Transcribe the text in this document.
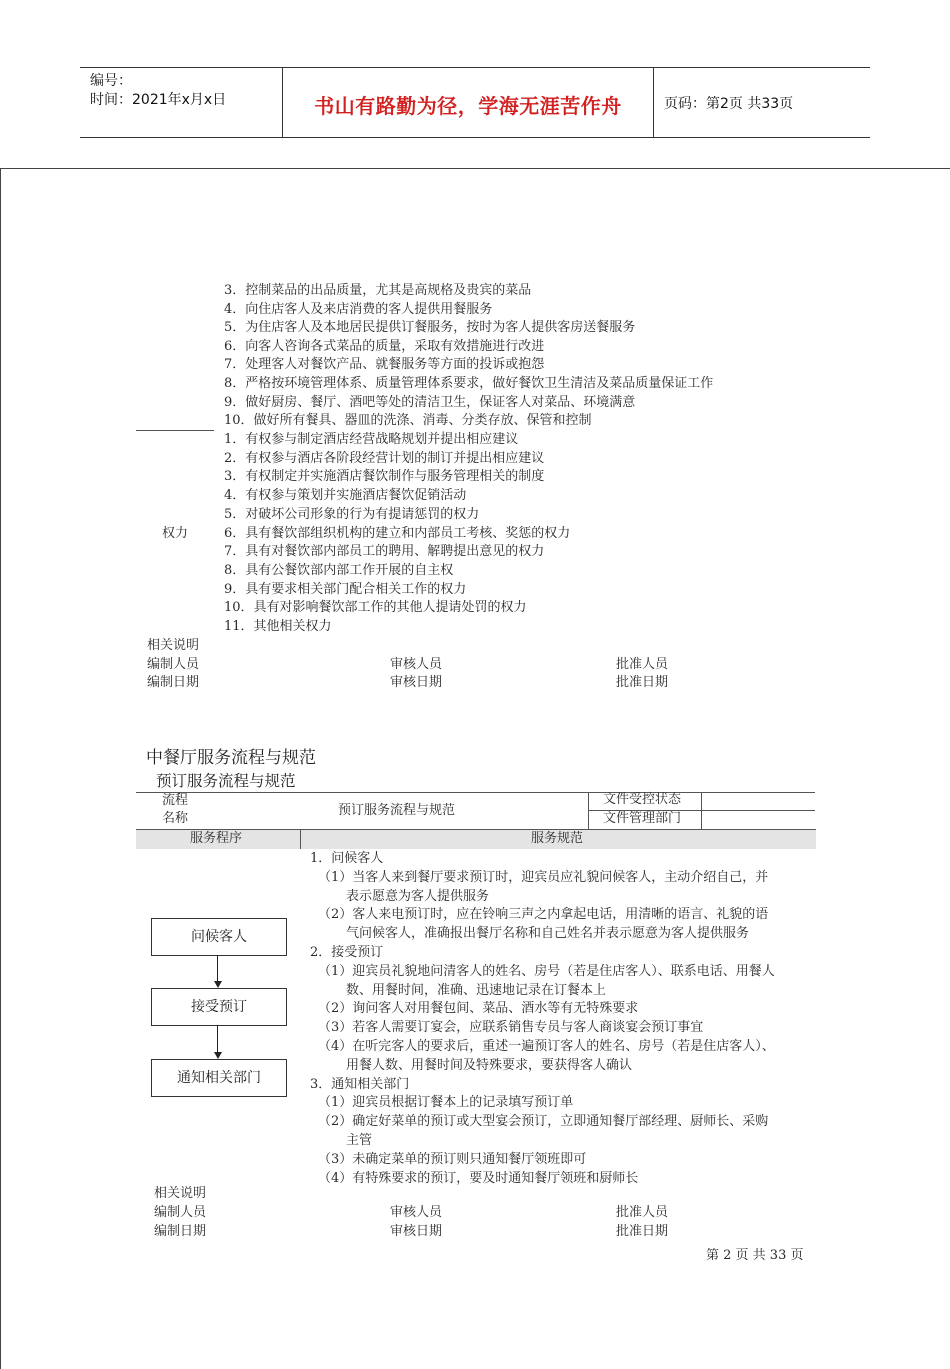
编号：
时间：2021年x月x日	书山有路勤为径，学海无涯苦作舟	页码：第2页 共33页
3．控制菜品的出品质量，尤其是高规格及贵宾的菜品
4．向住店客人及来店消费的客人提供用餐服务
5．为住店客人及本地居民提供订餐服务，按时为客人提供客房送餐服务
6．向客人咨询各式菜品的质量，采取有效措施进行改进
7．处理客人对餐饮产品、就餐服务等方面的投诉或抱怨
8．严格按环境管理体系、质量管理体系要求，做好餐饮卫生清洁及菜品质量保证工作
9．做好厨房、餐厅、酒吧等处的清洁卫生，保证客人对菜品、环境满意
10．做好所有餐具、器皿的洗涤、消毒、分类存放、保管和控制
权力
1．有权参与制定酒店经营战略规划并提出相应建议
2．有权参与酒店各阶段经营计划的制订并提出相应建议
3．有权制定并实施酒店餐饮制作与服务管理相关的制度
4．有权参与策划并实施酒店餐饮促销活动
5．对破坏公司形象的行为有提请惩罚的权力
6．具有餐饮部组织机构的建立和内部员工考核、奖惩的权力
7．具有对餐饮部内部员工的聘用、解聘提出意见的权力
8．具有公餐饮部内部工作开展的自主权
9．具有要求相关部门配合相关工作的权力
10．具有对影响餐饮部工作的其他人提请处罚的权力
11．其他相关权力
相关说明
编制人员	审核人员	批准人员
编制日期	审核日期	批准日期
中餐厅服务流程与规范
预订服务流程与规范
流程
名称
预订服务流程与规范
文件受控状态
文件管理部门
服务程序	服务规范
问候客人
接受预订
通知相关部门
1．问候客人
（1）当客人来到餐厅要求预订时，迎宾员应礼貌问候客人，主动介绍自己，并
表示愿意为客人提供服务
（2）客人来电预订时，应在铃响三声之内拿起电话，用清晰的语言、礼貌的语
气问候客人，准确报出餐厅名称和自己姓名并表示愿意为客人提供服务
2．接受预订
（1）迎宾员礼貌地问清客人的姓名、房号（若是住店客人）、联系电话、用餐人
数、用餐时间，准确、迅速地记录在订餐本上
（2）询问客人对用餐包间、菜品、酒水等有无特殊要求
（3）若客人需要订宴会，应联系销售专员与客人商谈宴会预订事宜
（4）在听完客人的要求后，重述一遍预订客人的姓名、房号（若是住店客人）、
用餐人数、用餐时间及特殊要求，要获得客人确认
3．通知相关部门
（1）迎宾员根据订餐本上的记录填写预订单
（2）确定好菜单的预订或大型宴会预订，立即通知餐厅部经理、厨师长、采购
主管
（3）未确定菜单的预订则只通知餐厅领班即可
（4）有特殊要求的预订，要及时通知餐厅领班和厨师长
相关说明
编制人员	审核人员	批准人员
编制日期	审核日期	批准日期
第 2 页 共 33 页
